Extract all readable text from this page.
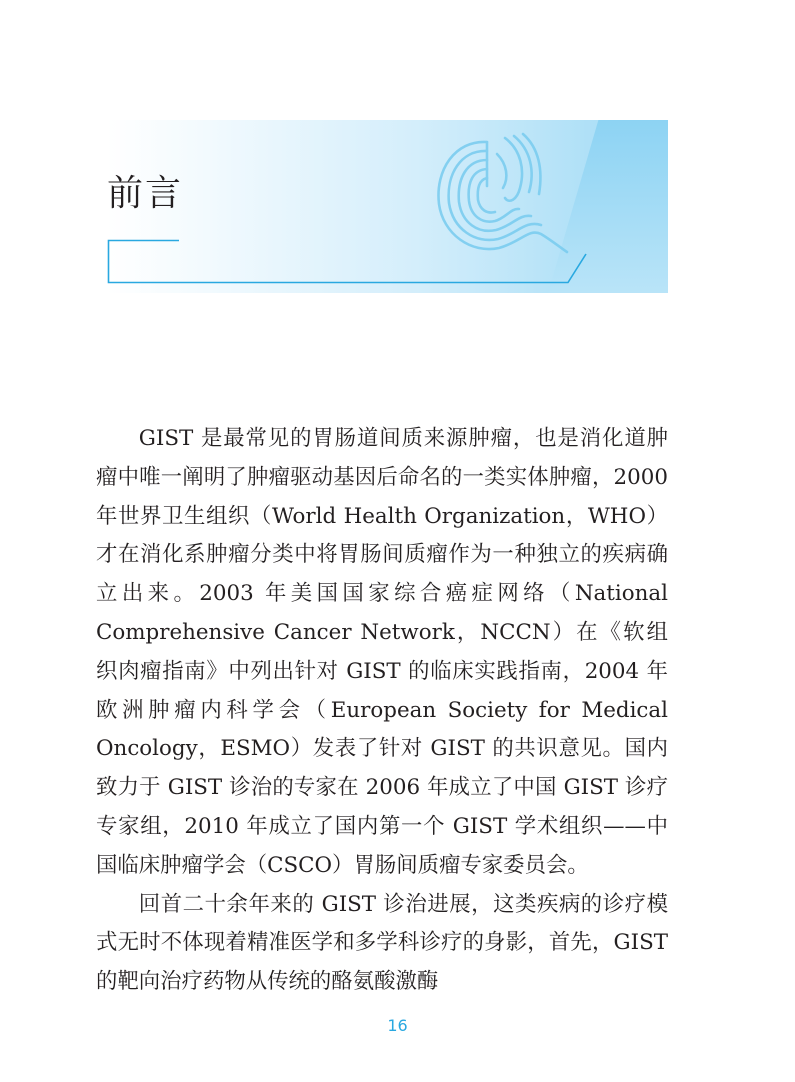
前言

GIST 是最常见的胃肠道间质来源肿瘤，也是消化道肿瘤中唯一阐明了肿瘤驱动基因后命名的一类实体肿瘤，2000 年世界卫生组织（World Health Organization，WHO）才在消化系肿瘤分类中将胃肠间质瘤作为一种独立的疾病确立出来。2003 年美国国家综合癌症网络（National Comprehensive Cancer Network，NCCN）在《软组织肉瘤指南》中列出针对 GIST 的临床实践指南，2004 年欧洲肿瘤内科学会（European Society for Medical Oncology，ESMO）发表了针对 GIST 的共识意见。国内致力于 GIST 诊治的专家在 2006 年成立了中国 GIST 诊疗专家组，2010 年成立了国内第一个 GIST 学术组织——中国临床肿瘤学会（CSCO）胃肠间质瘤专家委员会。

回首二十余年来的 GIST 诊治进展，这类疾病的诊疗模式无时不体现着精准医学和多学科诊疗的身影，首先，GIST 的靶向治疗药物从传统的酪氨酸激酶

16
